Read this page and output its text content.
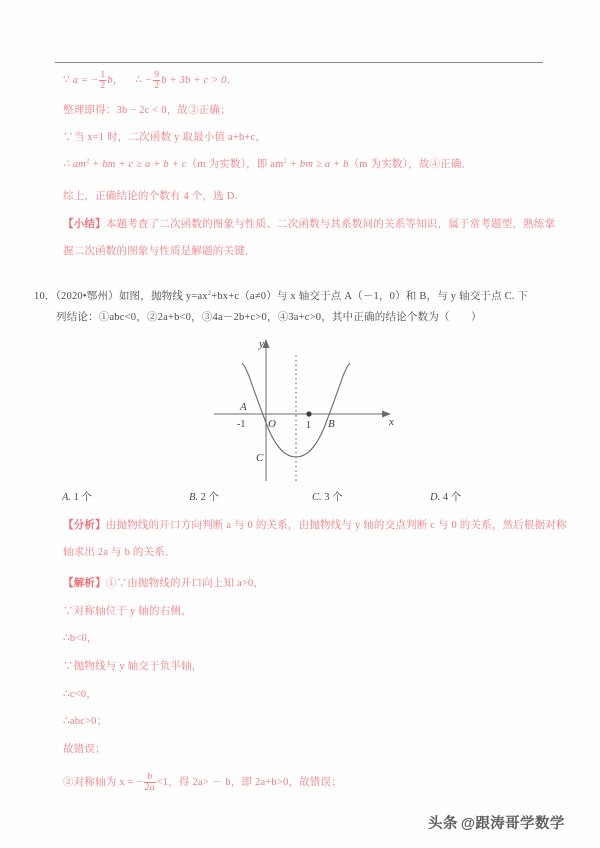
∵ a = − $\frac{1}{2}$ b， ∴ − $\frac{9}{2}$ b + 3b + c > 0．
整理即得：3b − 2c < 0，故③正确；
∵当 x=1 时，二次函数 y 取最小值 a+b+c，
∴ $am^2$ + bm + c ≥ a + b + c（m 为实数），即 $am^2$ + bm ≥ a + b（m 为实数），故④正确．
综上，正确结论的个数有 4 个，选 D.
【小结】本题考查了二次函数的图象与性质、二次函数与其系数间的关系等知识，属于常考题型，熟练掌
握二次函数的图象与性质是解题的关键．
10．（2020•鄂州）如图，抛物线 $y=ax^2+bx+c(a\ne 0)$与 x 轴交于点 A（－1，0）和 B，与 y 轴交于点 C. 下
列结论：①abc<0，②2a+b<0，③4a－2b+c>0，④3a+c>0，其中正确的结论个数为（　　）
y
x
O
A
-1	1 B
C
A. 1 个	B. 2 个	C. 3 个	D. 4 个
【分析】由抛物线的开口方向判断 a 与 0 的关系，由抛物线与 y 轴的交点判断 c 与 0 的关系，然后根据对称
轴求出 2a 与 b 的关系．
【解析】①∵由抛物线的开口向上知 a>0，
∵对称轴位于 y 轴的右侧，
∴b<0，
∵抛物线与 y 轴交于负半轴，
∴c<0，
∴abc>0；
故错误；
②对称轴为 x = − $\frac{b}{2a} <1$，得 2a> － b，即 2a+b>0，故错误；
头条 @跟涛哥学数学
